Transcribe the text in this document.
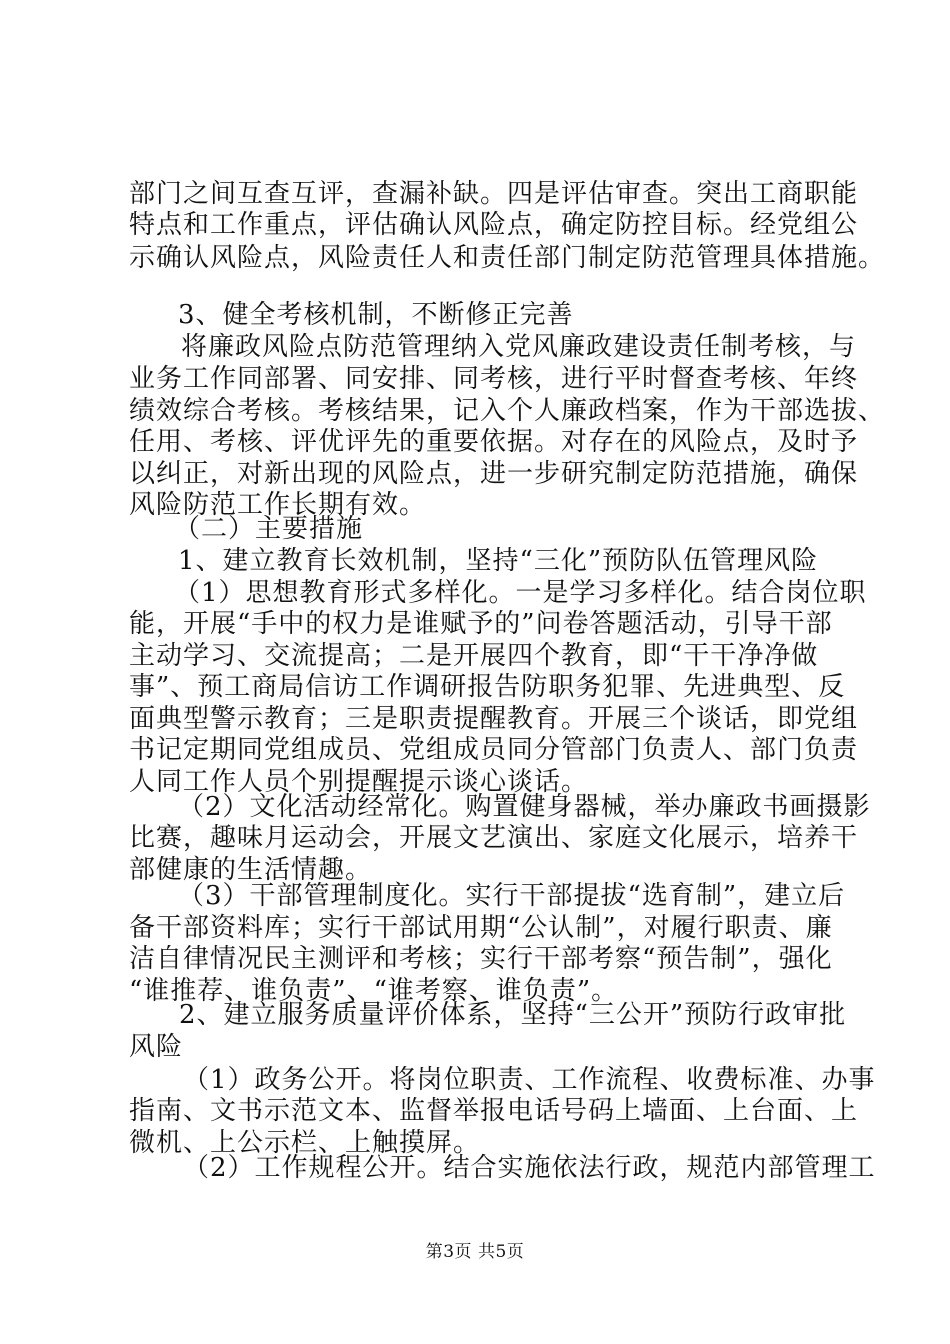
部门之间互查互评，查漏补缺。四是评估审查。突出工商职能
特点和工作重点，评估确认风险点，确定防控目标。经党组公
示确认风险点，风险责任人和责任部门制定防范管理具体措施。
3、健全考核机制，不断修正完善
将廉政风险点防范管理纳入党风廉政建设责任制考核，与
业务工作同部署、同安排、同考核，进行平时督查考核、年终
绩效综合考核。考核结果，记入个人廉政档案，作为干部选拔、
任用、考核、评优评先的重要依据。对存在的风险点，及时予
以纠正，对新出现的风险点，进一步研究制定防范措施，确保
风险防范工作长期有效。
（二）主要措施
1、建立教育长效机制，坚持“三化”预防队伍管理风险
（1）思想教育形式多样化。一是学习多样化。结合岗位职
能，开展“手中的权力是谁赋予的”问卷答题活动，引导干部
主动学习、交流提高；二是开展四个教育，即“干干净净做
事”、预工商局信访工作调研报告防职务犯罪、先进典型、反
面典型警示教育；三是职责提醒教育。开展三个谈话，即党组
书记定期同党组成员、党组成员同分管部门负责人、部门负责
人同工作人员个别提醒提示谈心谈话。
（2）文化活动经常化。购置健身器械，举办廉政书画摄影
比赛，趣味月运动会，开展文艺演出、家庭文化展示，培养干
部健康的生活情趣。
（3）干部管理制度化。实行干部提拔“选育制”，建立后
备干部资料库；实行干部试用期“公认制”，对履行职责、廉
洁自律情况民主测评和考核；实行干部考察“预告制”，强化
“谁推荐、谁负责”、“谁考察、谁负责”。
2、建立服务质量评价体系，坚持“三公开”预防行政审批
风险
（1）政务公开。将岗位职责、工作流程、收费标准、办事
指南、文书示范文本、监督举报电话号码上墙面、上台面、上
微机、上公示栏、上触摸屏。
（2）工作规程公开。结合实施依法行政，规范内部管理工
第3页 共5页
